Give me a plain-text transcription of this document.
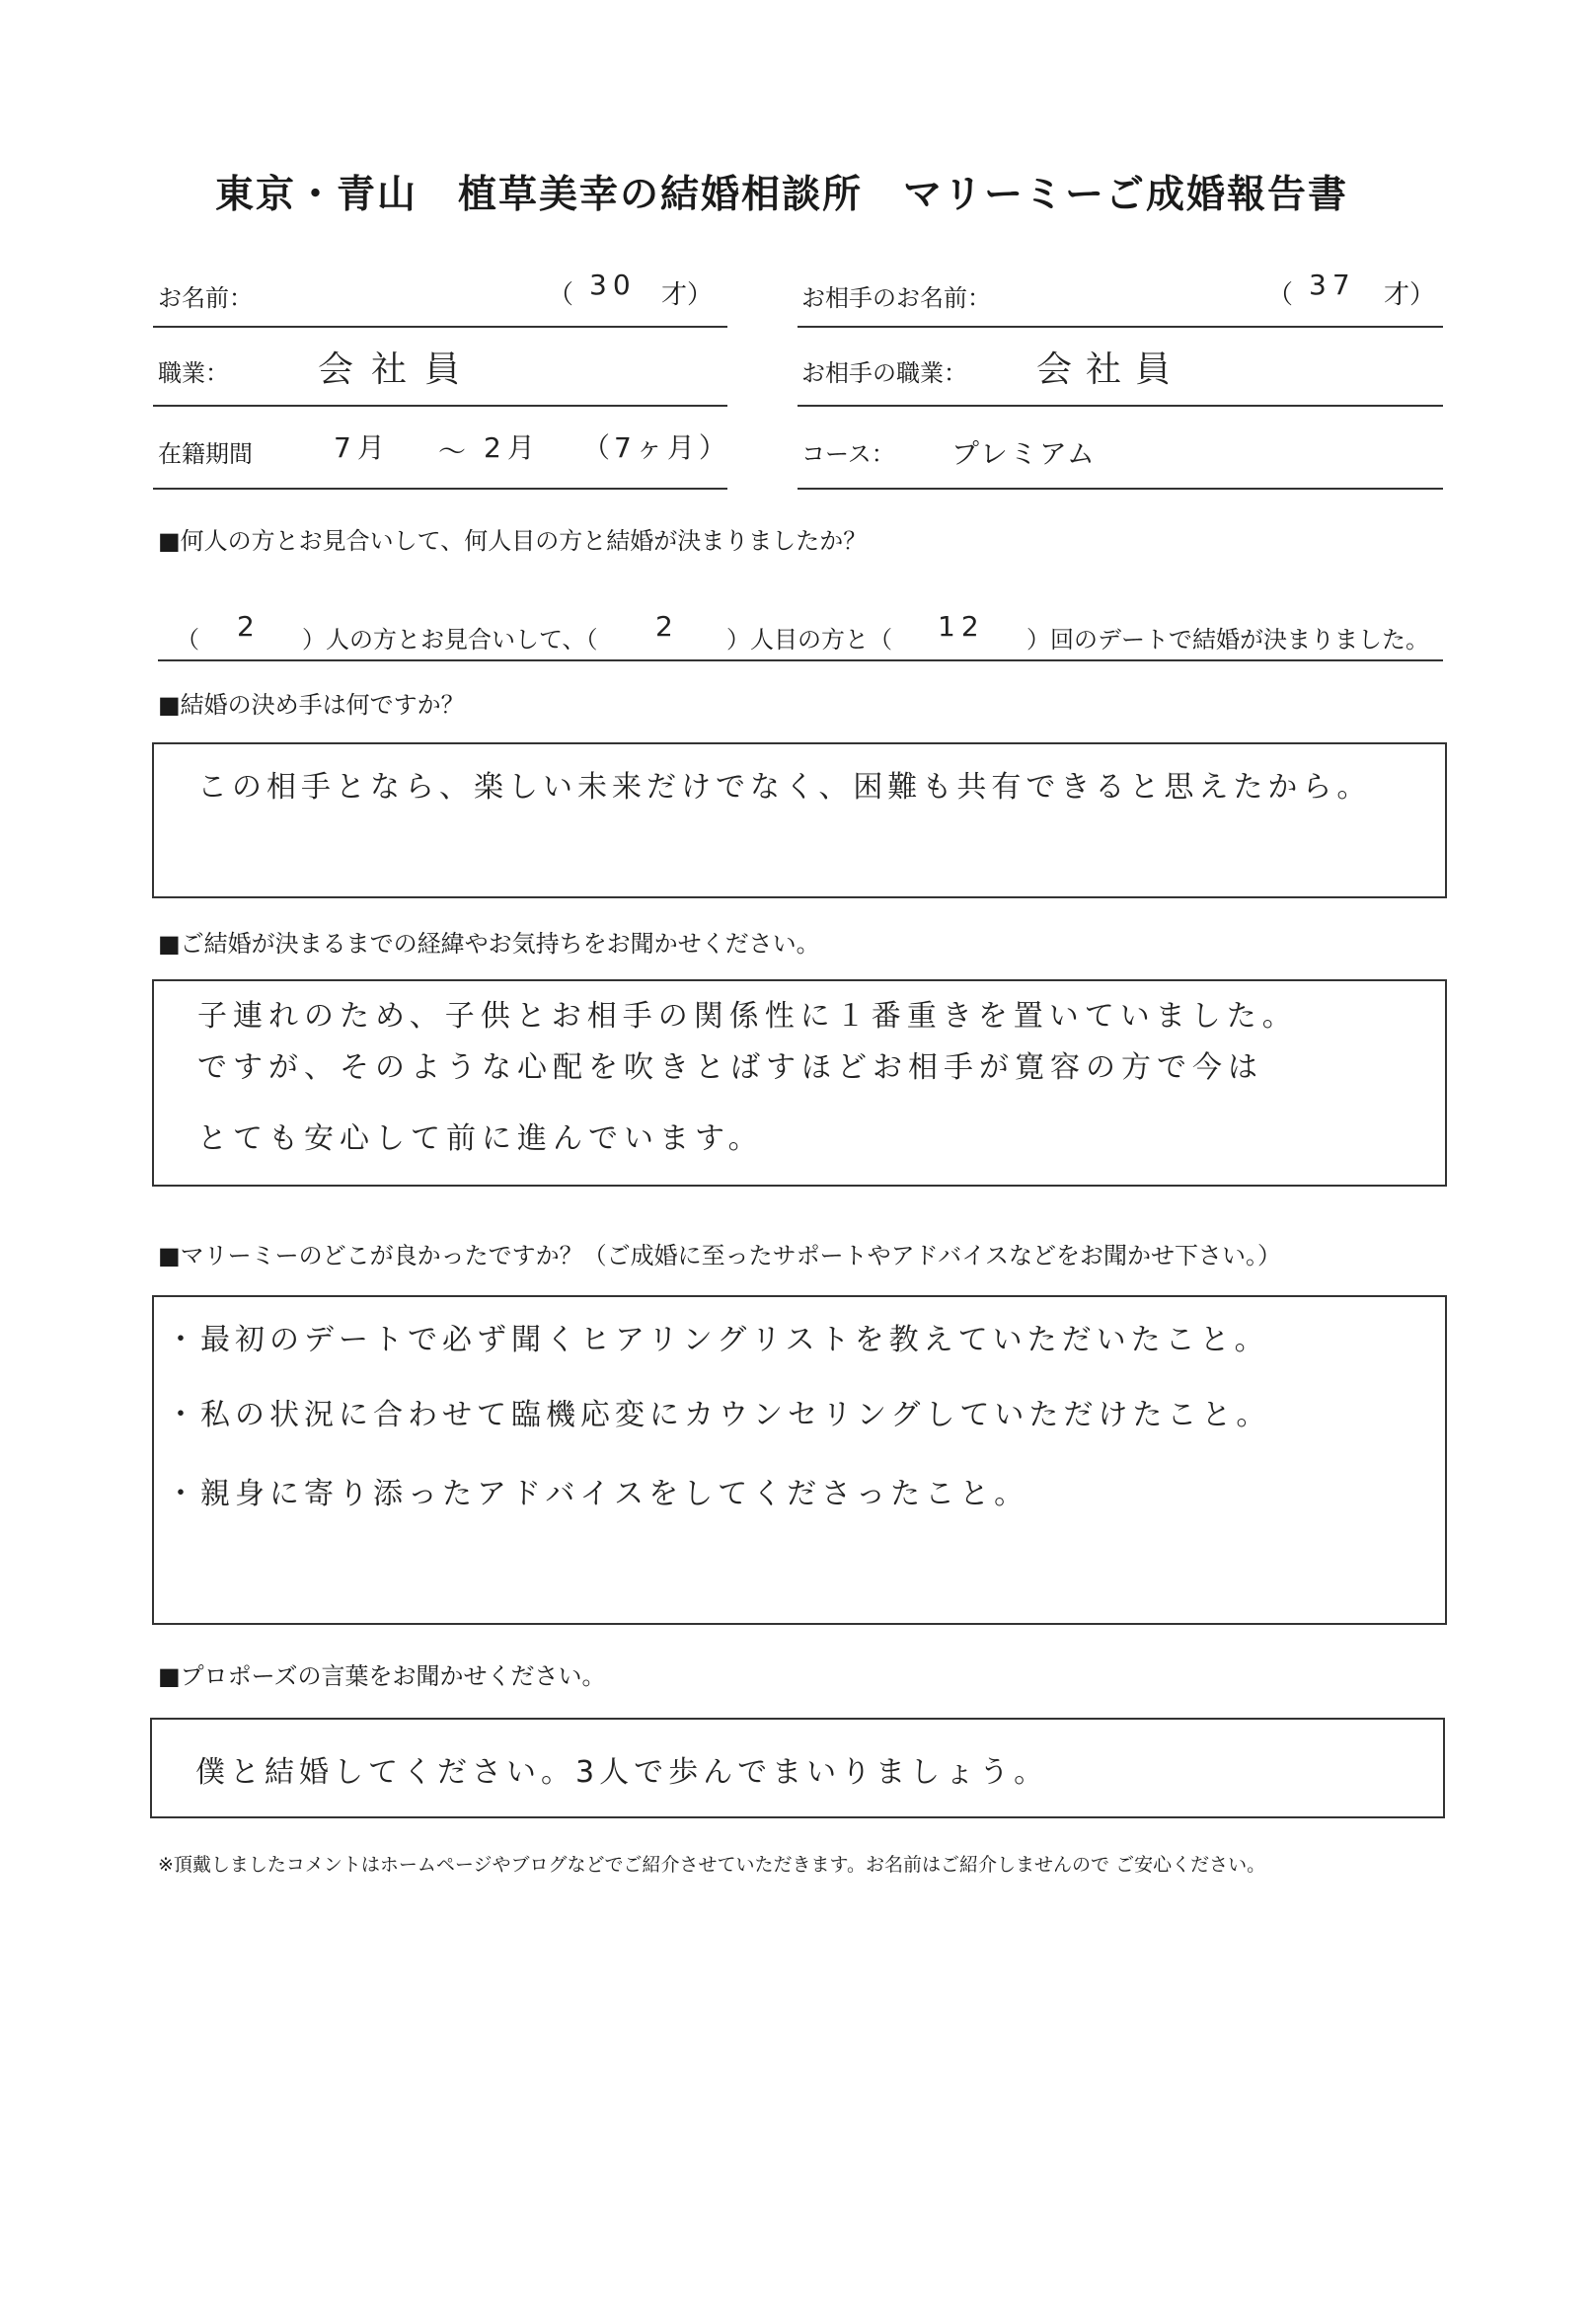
東京・青山　植草美幸の結婚相談所　マリーミーご成婚報告書
お名前：	（ 30 才）	お相手のお名前：	（ 37 才）
職業：	会社員	お相手の職業： 会社員
在籍期間	7月 ～ 2月 （7ヶ月）	コース： プレミアム
■何人の方とお見合いして、何人目の方と結婚が決まりましたか？
（ 2 ）人の方とお見合いして、（ 2 ）人目の方と（ 12 ）回のデートで結婚が決まりました。
■結婚の決め手は何ですか？
この相手となら、楽しい未来だけでなく、困難も共有できると思えたから。
■ご結婚が決まるまでの経緯やお気持ちをお聞かせください。
子連れのため、子供とお相手の関係性に１番重きを置いていました。
ですが、そのような心配を吹きとばすほどお相手が寛容の方で今は
とても安心して前に進んでいます。
■マリーミーのどこが良かったですか？（ご成婚に至ったサポートやアドバイスなどをお聞かせ下さい。）
・最初のデートで必ず聞くヒアリングリストを教えていただいたこと。
・私の状況に合わせて臨機応変にカウンセリングしていただけたこと。
・親身に寄り添ったアドバイスをしてくださったこと。
■プロポーズの言葉をお聞かせください。
僕と結婚してください。3人で歩んでまいりましょう。
※頂戴しましたコメントはホームページやブログなどでご紹介させていただきます。お名前はご紹介しませんので ご安心ください。
